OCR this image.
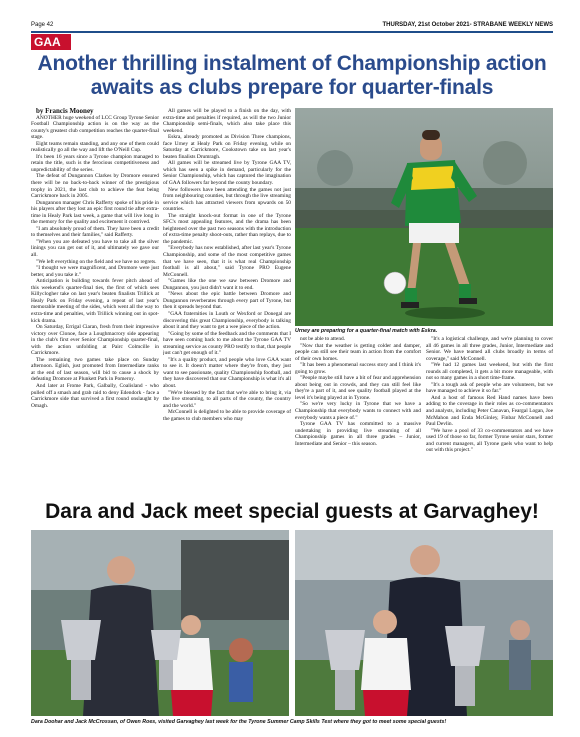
Page 42	THURSDAY, 21st October 2021- STRABANE WEEKLY NEWS
GAA
Another thrilling instalment of Championship action awaits as clubs prepare for quarter-finals

by Francis Mooney

ANOTHER huge weekend of LCC Group Tyrone Senior Football Championship action is on the way as the county's greatest club competition reaches the quarter-final stage.

Eight teams remain standing, and any one of them could realistically go all the way and lift the O'Neill Cup.

It's been 16 years since a Tyrone champion managed to retain the title, such is the ferocious competitiveness and unpredictability of the series.

The defeat of Dungannon Clarkes by Dromore ensured there will be no back-to-back winner of the prestigious trophy in 2021, the last club to achieve the feat being Carrickmore back in 2005.

Dungannon manager Chris Rafferty spoke of his pride in his players after they lost an epic first round tie after extra-time in Healy Park last week, a game that will live long in the memory for the quality and excitement it contrived.

"I am absolutely proud of them. They have been a credit to themselves and their families," said Rafferty.

"When you are defeated you have to take all the silver linings you can get out of it, and ultimately we gave our all.

"We left everything on the field and we have no regrets.

"I thought we were magnificent, and Dromore were just better, and you take it."

Anticipation is building towards fever pitch ahead of this weekend's quarter-final ties, the first of which sees Killyclogher take on last year's beaten finalists Trillick at Healy Park on Friday evening, a repeat of last year's memorable meeting of the sides, which went all the way to extra-time and penalties, with Trillick winning out in spot-kick drama.

On Saturday, Errigal Ciaran, fresh from their impressive victory over Clonoe, face a Loughmacrory side appearing in the club's first ever Senior Championship quarter-final, with the action unfolding at Pairc Colmcille in Carrickmore.

The remaining two games take place on Sunday afternoon. Eglish, just promoted from Intermediate ranks at the end of last season, will bid to cause a shock by defeating Dromore at Plunkett Park in Pomeroy.

And later at Frome Park, Galbally, Coalisland - who pulled off a smash and grab raid to deny Edendork - face a Carrickmore side that survived a first round onslaught by Omagh.

All games will be played to a finish on the day, with extra-time and penalties if required, as will the two Junior Championship semi-finals, which also take place this weekend.

Eskra, already promoted as Division Three champions, face Urney at Healy Park on Friday evening, while on Saturday at Carrickmore, Cookstown take on last year's beaten finalists Drumragh.

All games will be streamed live by Tyrone GAA TV, which has seen a spike in demand, particularly for the Senior Championship, which has captured the imagination of GAA followers far beyond the county boundary.

New followers have been attending the games not just from neighbouring counties, but through the live streaming service which has attracted viewers from upwards on 50 countries.

The straight knock-out format in one of the Tyrone SFC's most appealing features, and the drama has been heightened over the past two seasons with the introduction of extra-time penalty shoot-outs, rather than replays, due to the pandemic.

"Everybody has now established, after last year's Tyrone Championship, and some of the most competitive games that we have seen, that it is what real Championship football is all about," said Tyrone PRO Eugene McConnell.

"Games like the one we saw between Dromore and Dungannon, you just didn't want it to end.

"News about the epic battle between Dromore and Dungannon reverberates through every part of Tyrone, but then it spreads beyond that.

"GAA fraternities in Louth or Wexford or Donegal are discovering this great Championship, everybody is talking about it and they want to get a wee piece of the action.

"Going by some of the feedback and the comments that I have seen coming back to me about the Tyrone GAA TV streaming service as county PRO testify to that, that people just can't get enough of it."

"It's a quality product, and people who love GAA want to see it. It doesn't matter where they're from, they just want to see passionate, quality Championship football, and they have discovered that our Championship is what it's all about.

"We're blessed by the fact that we're able to bring it, via the live streaming, to all parts of the county, the country and the world."

McConnell is delighted to be able to provide coverage of the games to club members who may

Urney are preparing for a quarter-final match with Eskra.

not be able to attend.

"Now that the weather is getting colder and damper, people can still see their team in action from the comfort of their own homes.

"It has been a phenomenal success story and I think it's going to grow.

"People maybe still have a bit of fear and apprehension about being out in crowds, and they can still feel like they're a part of it, and see quality football played at the level it's being played at in Tyrone.

"So we're very lucky in Tyrone that we have a Championship that everybody wants to connect with and everybody wants a piece of."

Tyrone GAA TV has committed to a massive undertaking in providing live streaming of all Championship games in all three grades – Junior, Intermediate and Senior – this season.

"It's a logistical challenge, and we're planning to cover all 46 games in all three grades, Junior, Intermediate and Senior. We have teamed all clubs broadly in terms of coverage," said McConnell.

"We had 12 games last weekend, but with the first rounds all completed, it gets a bit more manageable, with not so many games in a short time-frame.

"It's a tough ask of people who are volunteers, but we have managed to achieve it so far."

And a host of famous Red Hand names have been adding to the coverage in their roles as co-commentators and analysts, including Peter Canavan, Feargal Logan, Joe McMahon and Enda McGinley, Finbar McConnell and Paul Devlin.

"We have a pool of 33 co-commentators and we have used 19 of those so far, former Tyrone senior stars, former and current managers, all Tyrone gaels who want to help out with this project."

Dara and Jack meet special guests at Garvaghey!
Dara Doohar and Jack McCrossan, of Owen Roes, visited Garvaghey last week for the Tyrone Summer Camp Skills Test where they got to meet some special guests!
